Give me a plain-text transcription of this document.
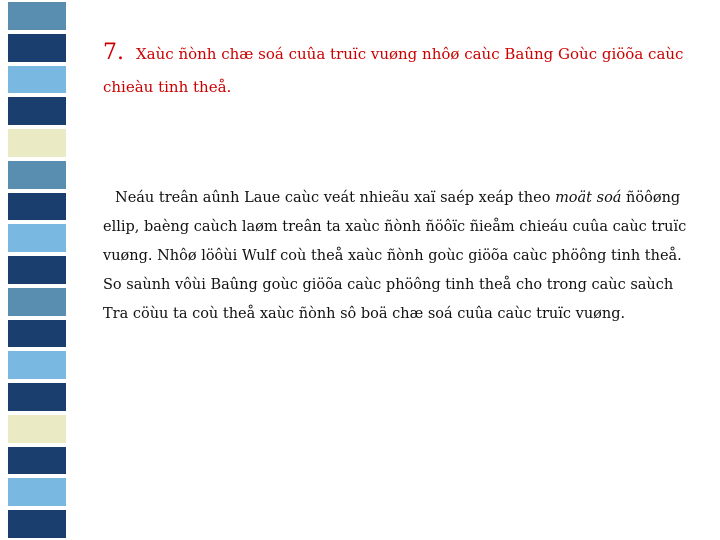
7. Xaùc ñònh chæ soá cuûa truïc vuøng nhôø caùc Baûng Goùc giöõa caùc chieàu tinh theå.

Neáu treân aûnh Laue caùc veát nhieãu xaï saép xeáp theo moät soá ñöôøng ellip, baèng caùch laøm treân ta xaùc ñònh ñöôïc ñieåm chieáu cuûa caùc truïc vuøng. Nhôø löôùi Wulf coù theå xaùc ñònh goùc giöõa caùc phöông tinh theå. So saùnh vôùi Baûng goùc giöõa caùc phöông tinh theå cho trong caùc saùch Tra cöùu ta coù theå xaùc ñònh sô boä chæ soá cuûa caùc truïc vuøng.
